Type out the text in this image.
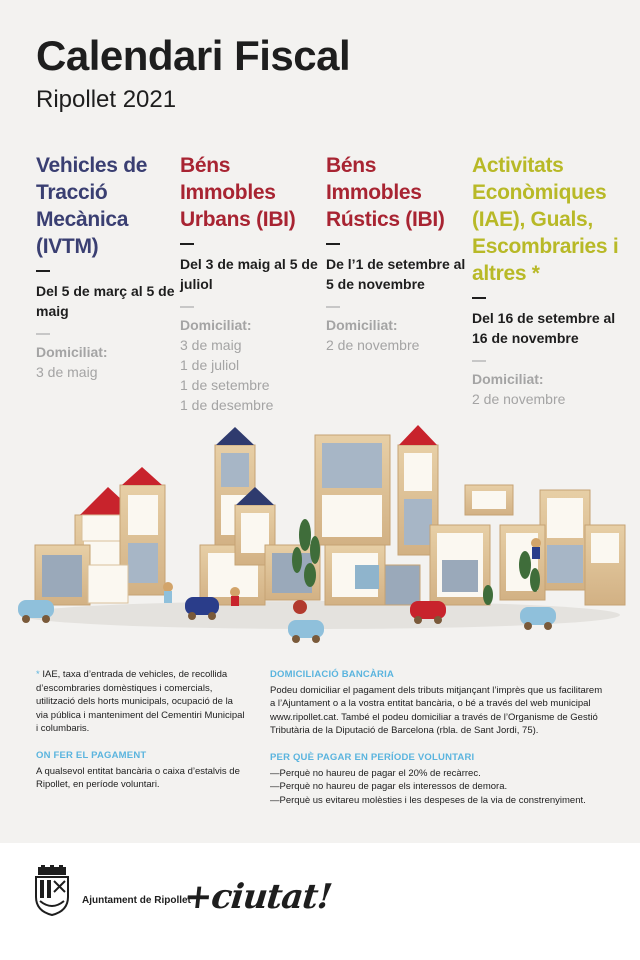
Calendari Fiscal
Ripollet 2021
Vehicles de Tracció Mecànica (IVTM)
Del 5 de març al 5 de maig
Domiciliat:
3 de maig
Béns Immobles Urbans (IBI)
Del 3 de maig al 5 de juliol
Domiciliat:
3 de maig
1 de juliol
1 de setembre
1 de desembre
Béns Immobles Rústics (IBI)
De l’1 de setembre al 5 de novembre
Domiciliat:
2 de novembre
Activitats Econòmiques (IAE), Guals, Escombraries i altres *
Del 16 de setembre al 16 de novembre
Domiciliat:
2 de novembre

* IAE, taxa d’entrada de vehicles, de recollida d’escombraries domèstiques i comercials, utilització dels horts municipals, ocupació de la via pública i manteniment del Cementiri Municipal i columbaris.

ON FER EL PAGAMENT

A qualsevol entitat bancària o caixa d’estalvis de Ripollet, en període voluntari.

DOMICILIACIÓ BANCÀRIA

Podeu domiciliar el pagament dels tributs mitjançant l’imprès que us facilitarem a l’Ajuntament o a la vostra entitat bancària, o bé a través del web municipal www.ripollet.cat. També el podeu domiciliar a través de l’Organisme de Gestió Tributària de la Diputació de Barcelona (rbla. de Sant Jordi, 75).

PER QUÈ PAGAR EN PERÍODE VOLUNTARI

—Perquè no haureu de pagar el 20% de recàrrec.

—Perquè no haureu de pagar els interessos de demora.

—Perquè us evitareu molèsties i les despeses de la via de constrenyiment.

Ajuntament de Ripollet
+ciutat!
